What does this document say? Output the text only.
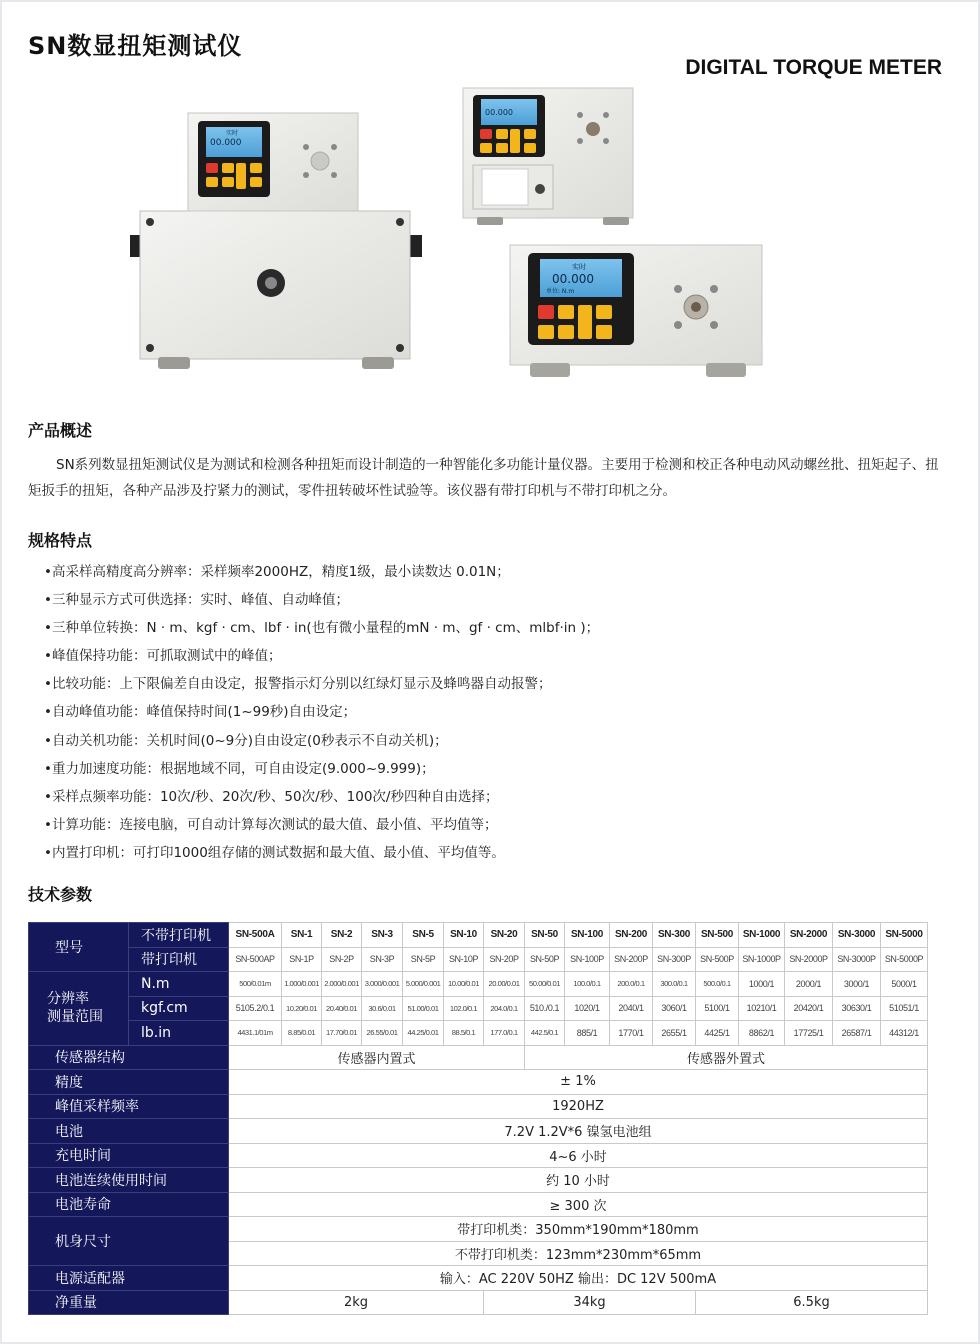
SN数显扭矩测试仪
DIGITAL TORQUE METER
实时
00.000
00.000
实时
00.000
单位: N.m
产品概述
SN系列数显扭矩测试仪是为测试和检测各种扭矩而设计制造的一种智能化多功能计量仪器。主要用于检测和校正各种电动风动螺丝批、扭矩起子、扭矩扳手的扭矩，各种产品涉及拧紧力的测试，零件扭转破坏性试验等。该仪器有带打印机与不带打印机之分。
规格特点
•高采样高精度高分辨率：采样频率2000HZ，精度1级，最小读数达 0.01N；
•三种显示方式可供选择：实时、峰值、自动峰值；
•三种单位转换：N · m、kgf · cm、lbf · in(也有微小量程的mN · m、gf · cm、mlbf·in )；
•峰值保持功能：可抓取测试中的峰值；
•比较功能：上下限偏差自由设定，报警指示灯分别以红绿灯显示及蜂鸣器自动报警；
•自动峰值功能：峰值保持时间(1~99秒)自由设定；
•自动关机功能：关机时间(0~9分)自由设定(0秒表示不自动关机)；
•重力加速度功能：根据地域不同，可自由设定(9.000~9.999)；
•采样点频率功能：10次/秒、20次/秒、50次/秒、100次/秒四种自由选择；
•计算功能：连接电脑，可自动计算每次测试的最大值、最小值、平均值等；
•内置打印机：可打印1000组存储的测试数据和最大值、最小值、平均值等。
技术参数
型号	不带打印机	SN-500A	SN-1	SN-2	SN-3	SN-5	SN-10	SN-20	SN-50	SN-100	SN-200	SN-300	SN-500	SN-1000	SN-2000	SN-3000	SN-5000
	带打印机	SN-500AP	SN-1P	SN-2P	SN-3P	SN-5P	SN-10P	SN-20P	SN-50P	SN-100P	SN-200P	SN-300P	SN-500P	SN-1000P	SN-2000P	SN-3000P	SN-5000P

分辨率
测量范围	N.m	500/0.01m	1.000/0.001	2.000/0.001	3.000/0.001	5.000/0.001	10.00/0.01	20.00/0.01	50.00/0.01	100.0/0.1	200.0/0.1	300.0/0.1	500.0/0.1	1000/1	2000/1	3000/1	5000/1
	kgf.cm	5105.2/0.1	10.20/0.01	20.40/0.01	30.6/0.01	51.00/0.01	102.0/0.1	204.0/0.1	510./0.1	1020/1	2040/1	3060/1	5100/1	10210/1	20420/1	30630/1	51051/1
	lb.in	4431.1/01m	8.85/0.01	17.70/0.01	26.55/0.01	44.25/0.01	88.5/0.1	177.0/0.1	442.5/0.1	885/1	1770/1	2655/1	4425/1	8862/1	17725/1	26587/1	44312/1
传感器结构		传感器内置式							传感器外置式								
精度		± 1%															
峰值采样频率		1920HZ															
电池		7.2V 1.2V*6 镍氢电池组															
充电时间		4~6 小时															
电池连续使用时间		约 10 小时															
电池寿命		≥ 300 次															
机身尺寸		带打印机类：350mm*190mm*180mm															
		不带打印机类：123mm*230mm*65mm															
电源适配器		输入：AC 220V 50HZ 输出：DC 12V 500mA															
净重量		2kg						34kg					6.5kg				
